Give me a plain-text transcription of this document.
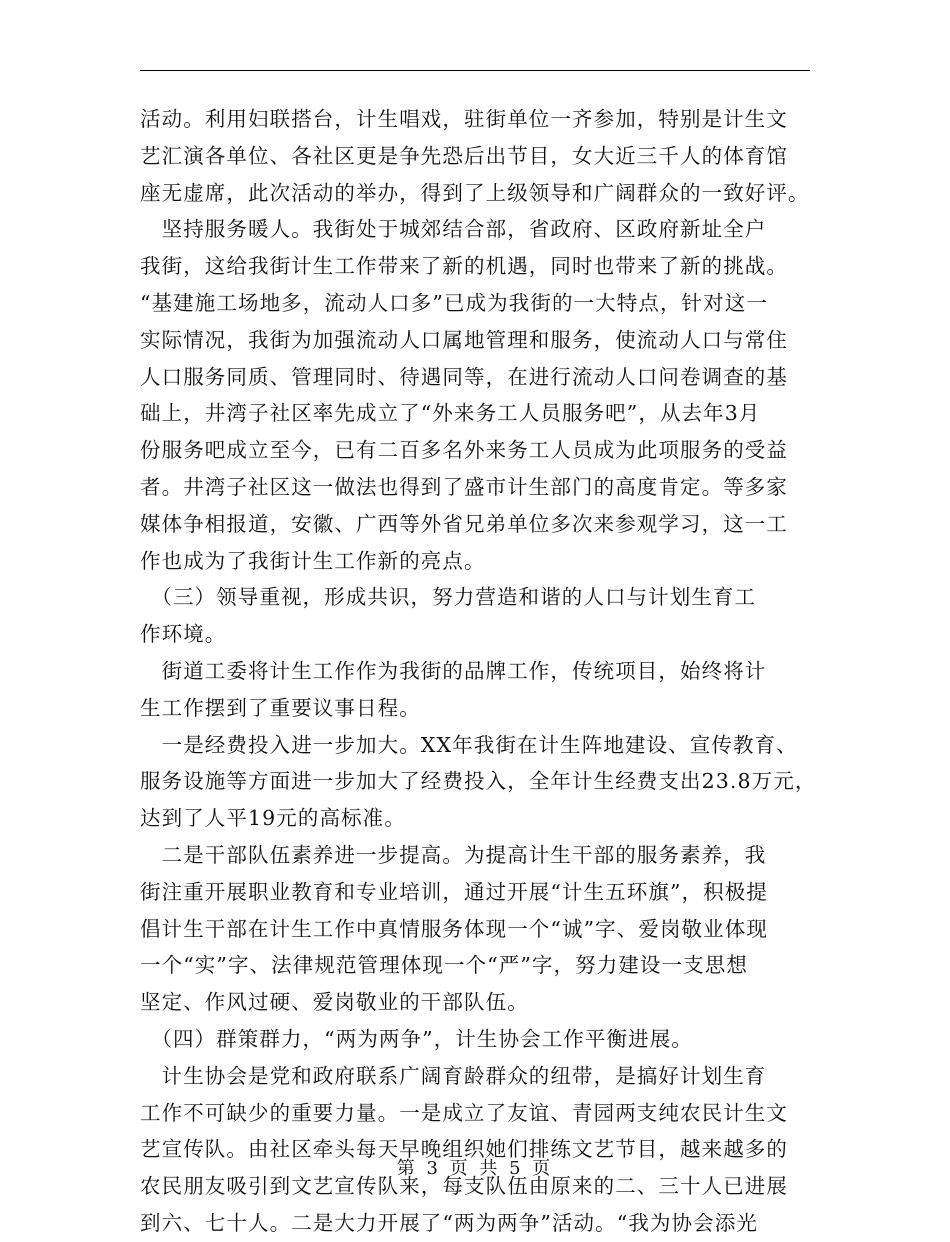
活动。利用妇联搭台，计生唱戏，驻街单位一齐参加，特别是计生文
艺汇演各单位、各社区更是争先恐后出节目，女大近三千人的体育馆
座无虚席，此次活动的举办，得到了上级领导和广阔群众的一致好评。
　坚持服务暖人。我街处于城郊结合部，省政府、区政府新址全户
我街，这给我街计生工作带来了新的机遇，同时也带来了新的挑战。
“基建施工场地多，流动人口多”已成为我街的一大特点，针对这一
实际情况，我街为加强流动人口属地管理和服务，使流动人口与常住
人口服务同质、管理同时、待遇同等，在进行流动人口问卷调查的基
础上，井湾子社区率先成立了“外来务工人员服务吧”，从去年3月
份服务吧成立至今，已有二百多名外来务工人员成为此项服务的受益
者。井湾子社区这一做法也得到了盛市计生部门的高度肯定。等多家
媒体争相报道，安徽、广西等外省兄弟单位多次来参观学习，这一工
作也成为了我街计生工作新的亮点。
　（三）领导重视，形成共识，努力营造和谐的人口与计划生育工
作环境。
　街道工委将计生工作作为我街的品牌工作，传统项目，始终将计
生工作摆到了重要议事日程。
　一是经费投入进一步加大。XX年我街在计生阵地建设、宣传教育、
服务设施等方面进一步加大了经费投入，全年计生经费支出23.8万元，
达到了人平19元的高标准。
　二是干部队伍素养进一步提高。为提高计生干部的服务素养，我
街注重开展职业教育和专业培训，通过开展“计生五环旗”，积极提
倡计生干部在计生工作中真情服务体现一个“诚”字、爱岗敬业体现
一个“实”字、法律规范管理体现一个“严”字，努力建设一支思想
坚定、作风过硬、爱岗敬业的干部队伍。
　（四）群策群力，“两为两争”，计生协会工作平衡进展。
　计生协会是党和政府联系广阔育龄群众的纽带，是搞好计划生育
工作不可缺少的重要力量。一是成立了友谊、青园两支纯农民计生文
艺宣传队。由社区牵头每天早晚组织她们排练文艺节目，越来越多的
农民朋友吸引到文艺宣传队来，每支队伍由原来的二、三十人已进展
到六、七十人。二是大力开展了“两为两争”活动。“我为协会添光
第 3 页 共 5 页
